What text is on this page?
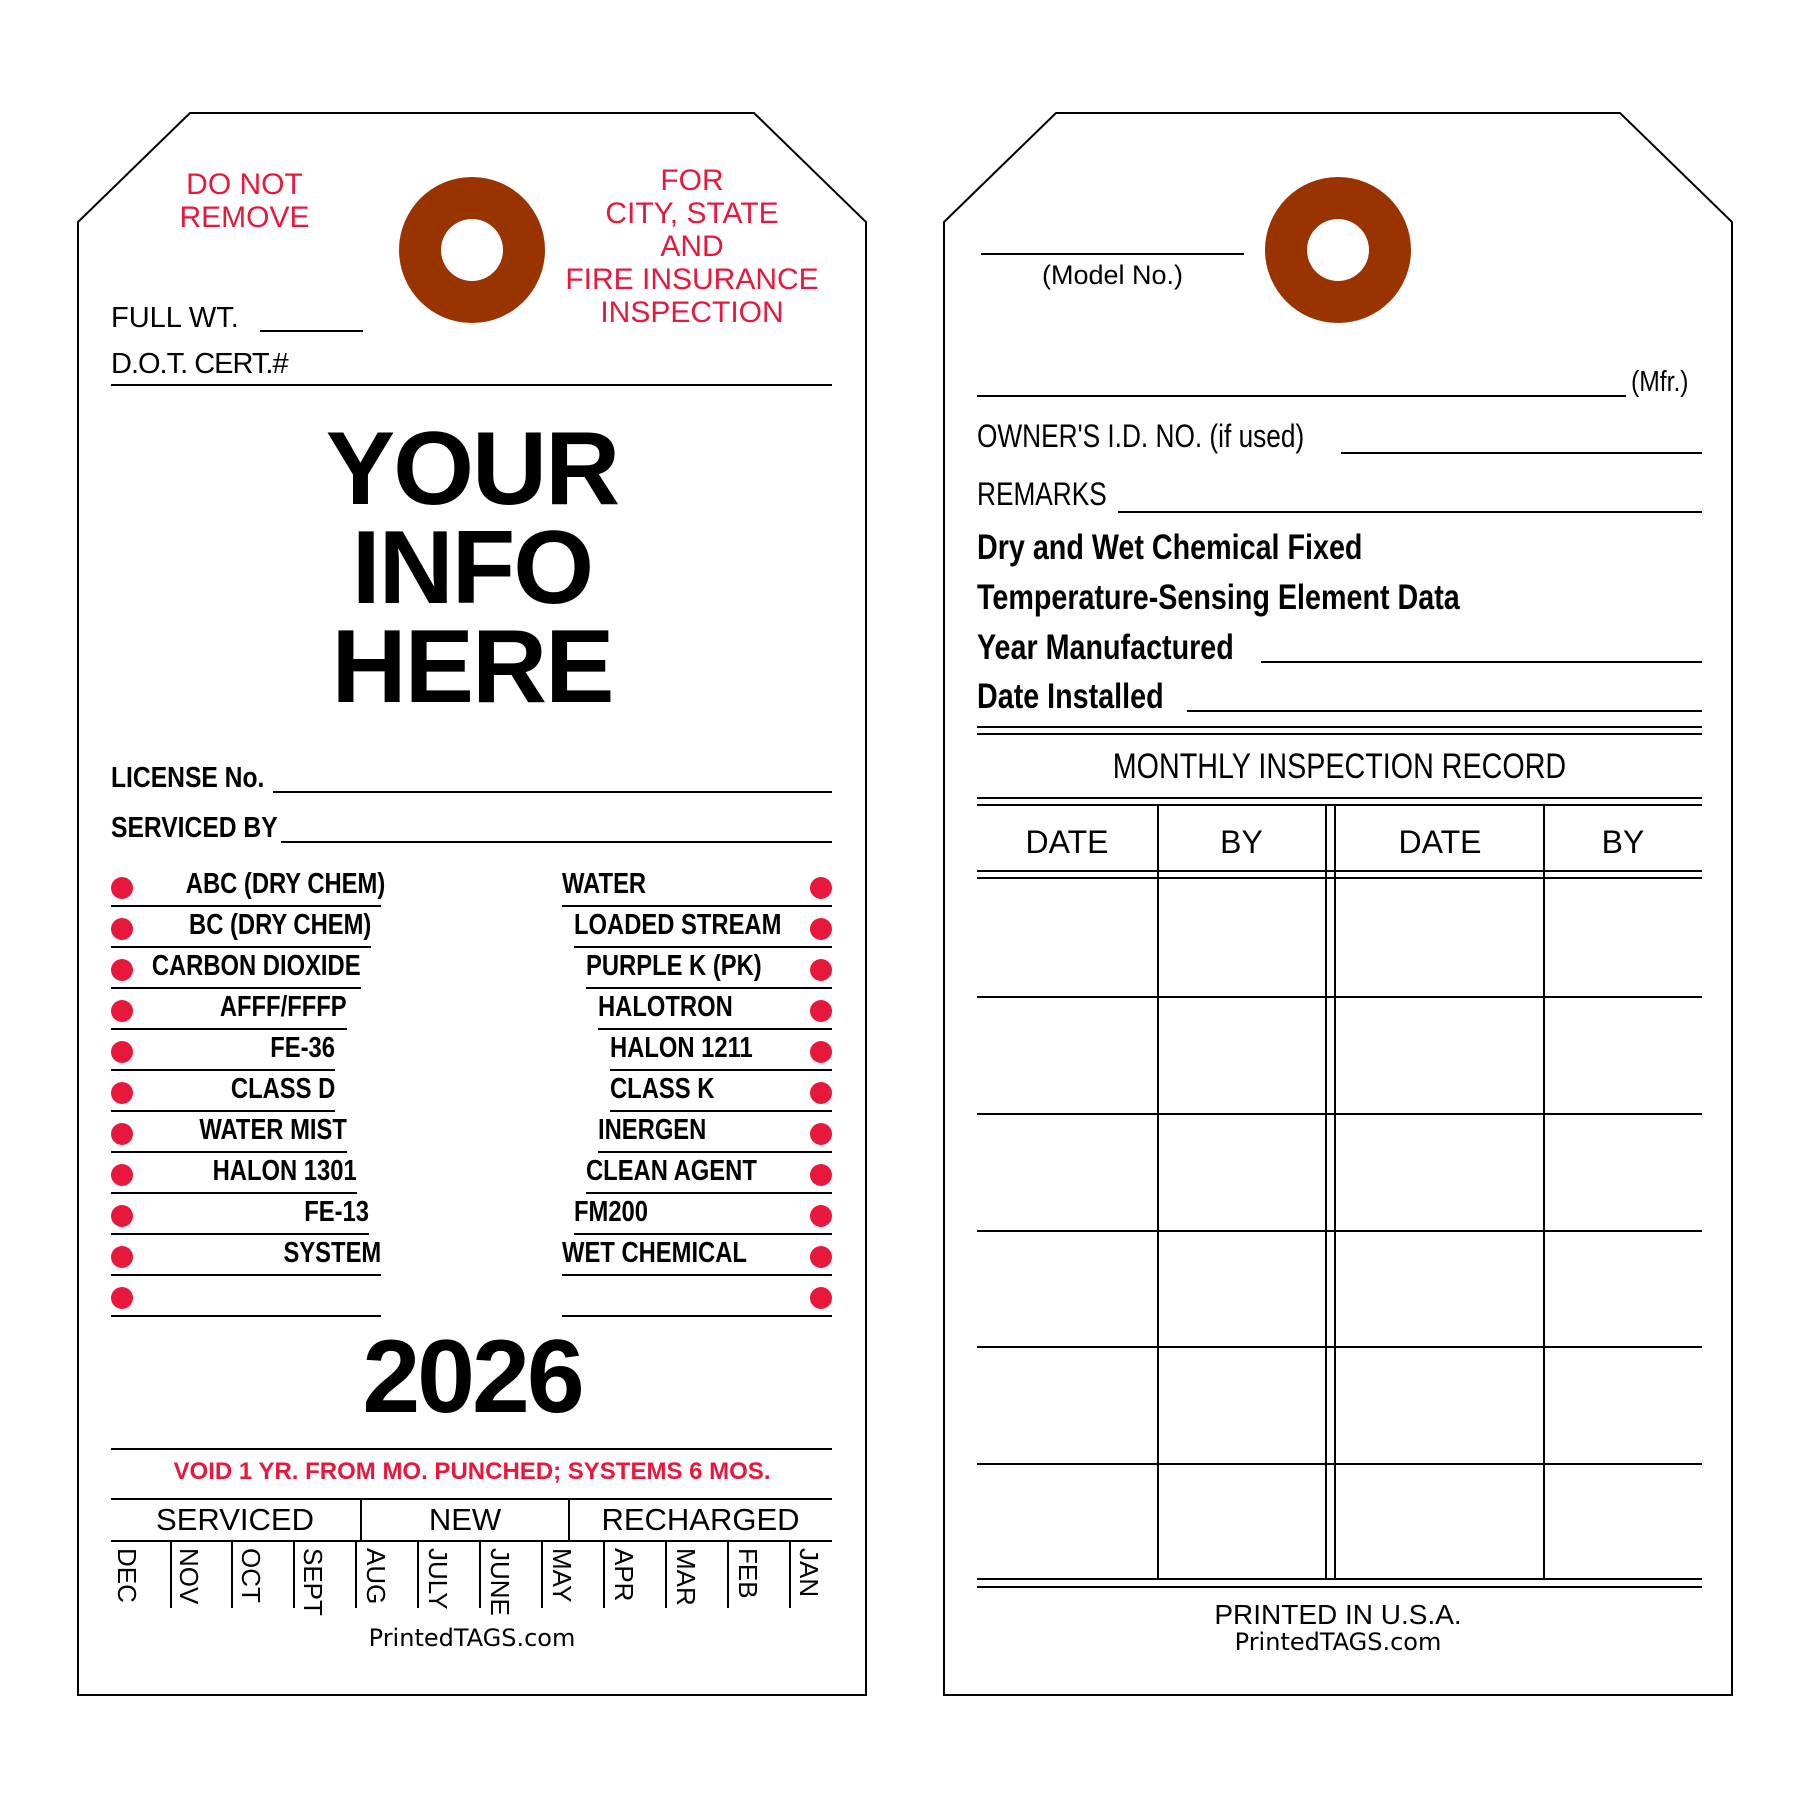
DO NOT
REMOVE
FOR
CITY, STATE
AND
FIRE INSURANCE
INSPECTION
FULL WT.
D.O.T. CERT.#
YOUR
INFO
HERE
LICENSE No.
SERVICED BY
ABC (DRY CHEM)
BC (DRY CHEM)
CARBON DIOXIDE
AFFF/FFFP
FE-36
CLASS D
WATER MIST
HALON 1301
FE-13
SYSTEM
WATER
LOADED STREAM
PURPLE K (PK)
HALOTRON
HALON 1211
CLASS K
INERGEN
CLEAN AGENT
FM200
WET CHEMICAL
2026
VOID 1 YR. FROM MO. PUNCHED; SYSTEMS 6 MOS.
SERVICED	NEW	RECHARGED
DEC NOV OCT SEPT AUG JULY JUNE MAY APR MAR FEB JAN
PrintedTAGS.com
(Model No.)
(Mfr.)
OWNER'S I.D. NO. (if used)
REMARKS
Dry and Wet Chemical Fixed
Temperature-Sensing Element Data
Year Manufactured
Date Installed
MONTHLY INSPECTION RECORD
DATE	BY	DATE	BY
PRINTED IN U.S.A.
PrintedTAGS.com
